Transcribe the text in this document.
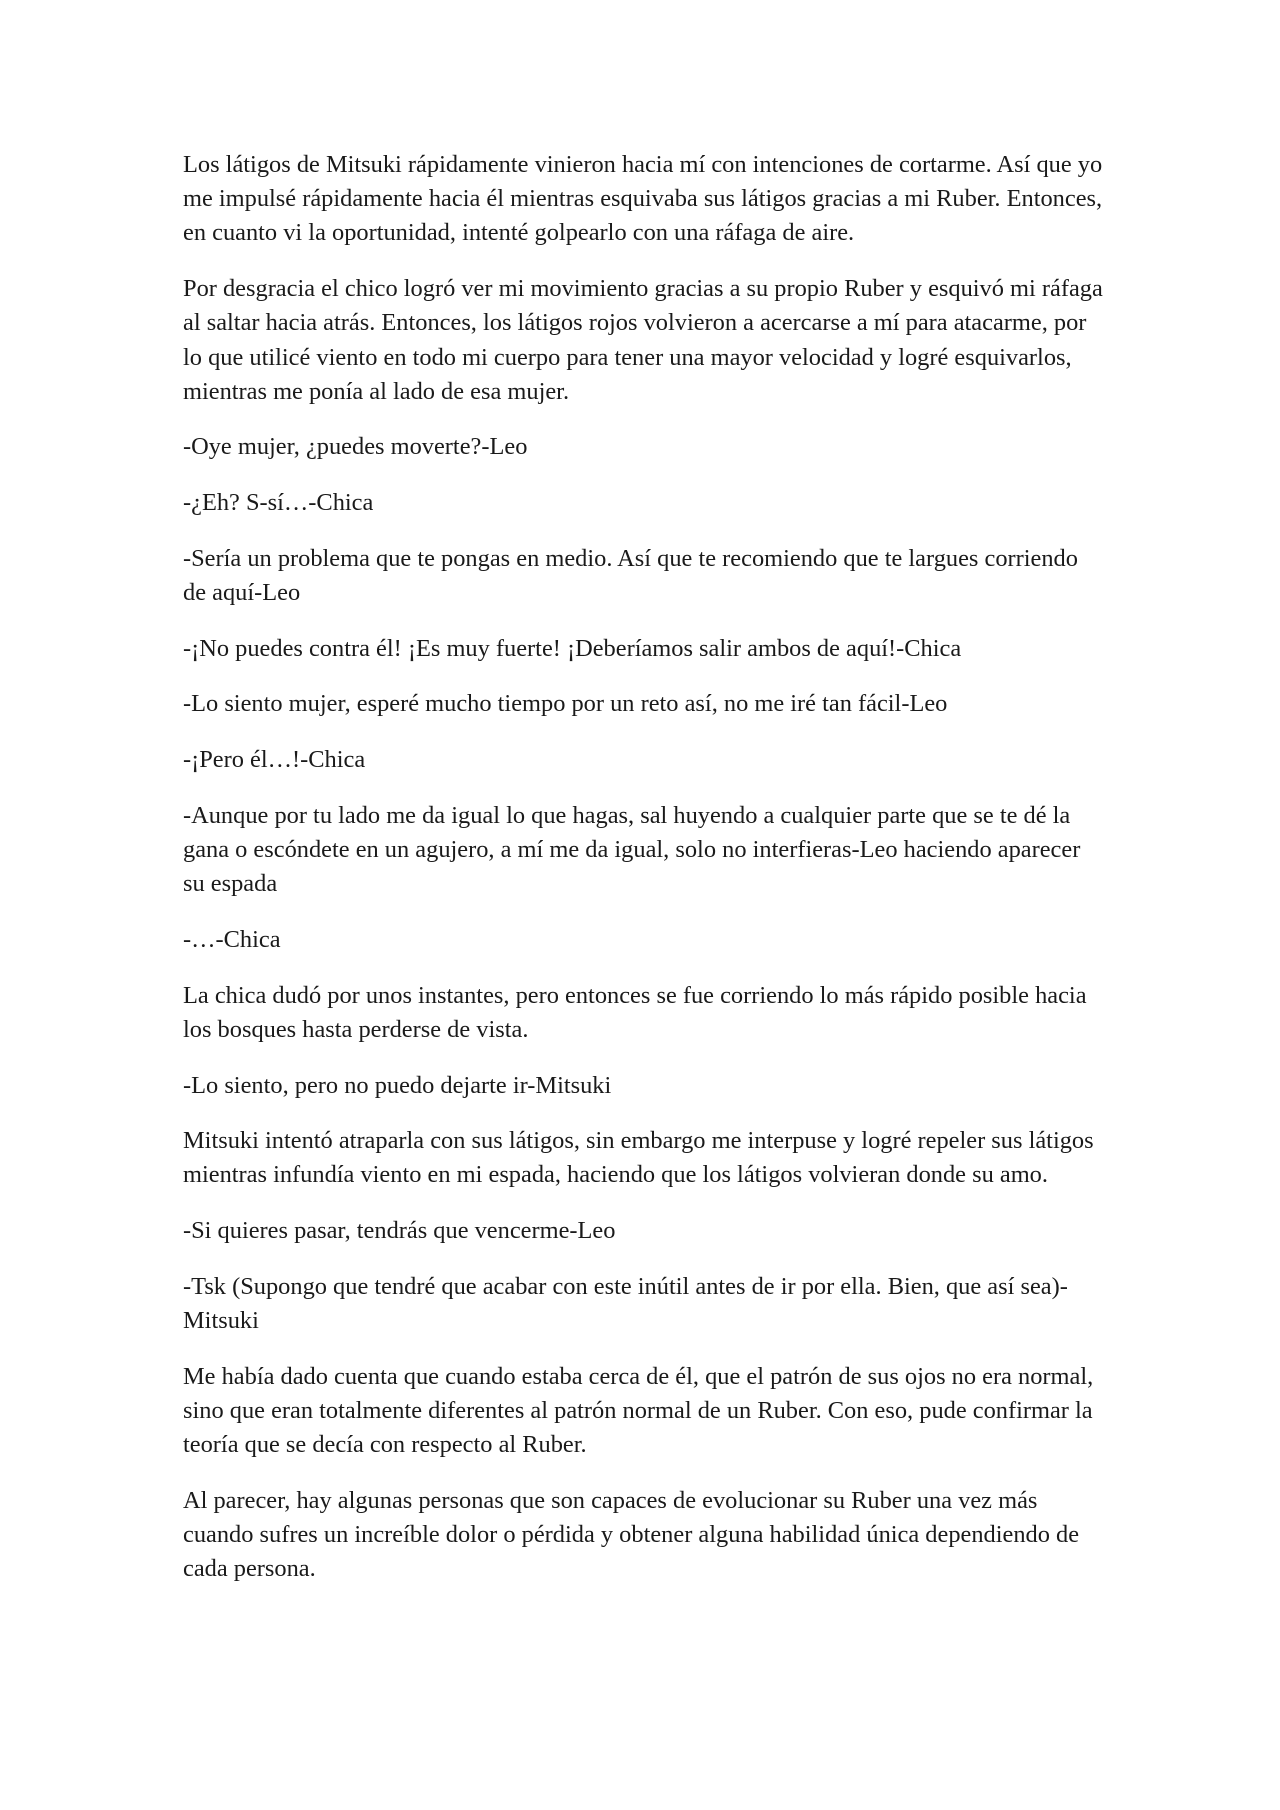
Los látigos de Mitsuki rápidamente vinieron hacia mí con intenciones de cortarme. Así que yo me impulsé rápidamente hacia él mientras esquivaba sus látigos gracias a mi Ruber. Entonces, en cuanto vi la oportunidad, intenté golpearlo con una ráfaga de aire.

Por desgracia el chico logró ver mi movimiento gracias a su propio Ruber y esquivó mi ráfaga al saltar hacia atrás. Entonces, los látigos rojos volvieron a acercarse a mí para atacarme, por lo que utilicé viento en todo mi cuerpo para tener una mayor velocidad y logré esquivarlos, mientras me ponía al lado de esa mujer.

-Oye mujer, ¿puedes moverte?-Leo

-¿Eh? S-sí…-Chica

-Sería un problema que te pongas en medio. Así que te recomiendo que te largues corriendo de aquí-Leo

-¡No puedes contra él! ¡Es muy fuerte! ¡Deberíamos salir ambos de aquí!-Chica

-Lo siento mujer, esperé mucho tiempo por un reto así, no me iré tan fácil-Leo

-¡Pero él…!-Chica

-Aunque por tu lado me da igual lo que hagas, sal huyendo a cualquier parte que se te dé la gana o escóndete en un agujero, a mí me da igual, solo no interfieras-Leo haciendo aparecer su espada

-…-Chica

La chica dudó por unos instantes, pero entonces se fue corriendo lo más rápido posible hacia los bosques hasta perderse de vista.

-Lo siento, pero no puedo dejarte ir-Mitsuki

Mitsuki intentó atraparla con sus látigos, sin embargo me interpuse y logré repeler sus látigos mientras infundía viento en mi espada, haciendo que los látigos volvieran donde su amo.

-Si quieres pasar, tendrás que vencerme-Leo

-Tsk (Supongo que tendré que acabar con este inútil antes de ir por ella. Bien, que así sea)-Mitsuki

Me había dado cuenta que cuando estaba cerca de él, que el patrón de sus ojos no era normal, sino que eran totalmente diferentes al patrón normal de un Ruber. Con eso, pude confirmar la teoría que se decía con respecto al Ruber.

Al parecer, hay algunas personas que son capaces de evolucionar su Ruber una vez más cuando sufres un increíble dolor o pérdida y obtener alguna habilidad única dependiendo de cada persona.
